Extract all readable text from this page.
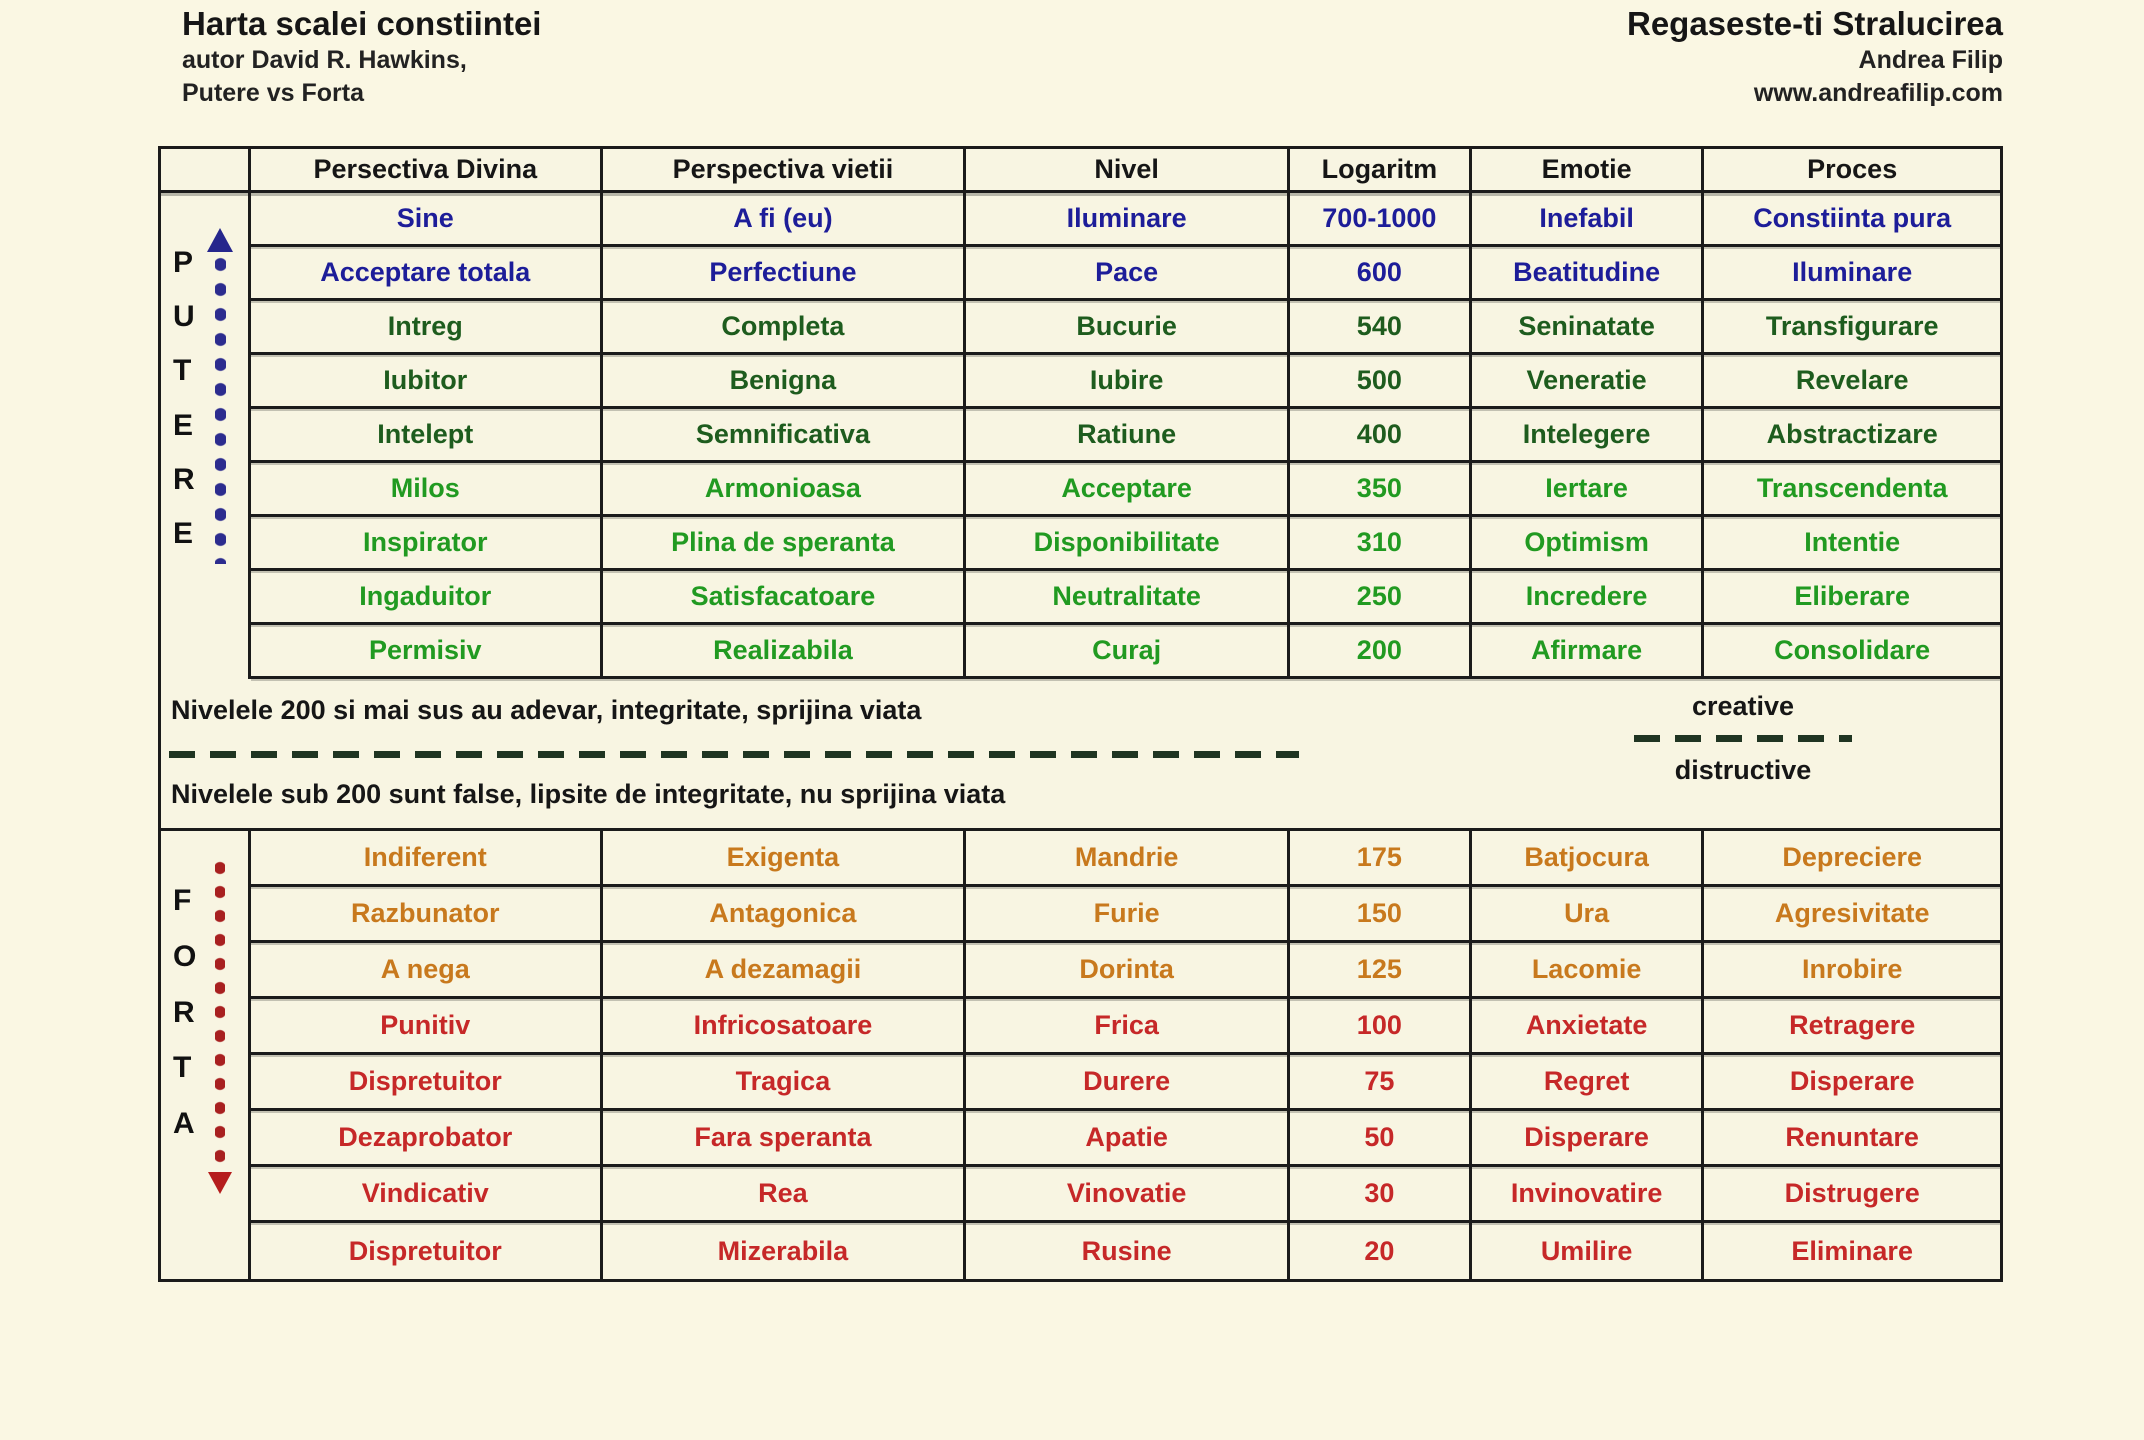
Harta scalei constiintei
autor David R. Hawkins,
Putere vs Forta
Regaseste-ti Stralucirea
Andrea Filip
www.andreafilip.com
P
U
T
E
R
E
Persectiva Divina	Perspectiva vietii	Nivel	Logaritm	Emotie	Proces
Sine	A fi (eu)	Iluminare	700-1000	Inefabil	Constiinta pura
Acceptare totala	Perfectiune	Pace	600	Beatitudine	Iluminare
Intreg	Completa	Bucurie	540	Seninatate	Transfigurare
Iubitor	Benigna	Iubire	500	Veneratie	Revelare
Intelept	Semnificativa	Ratiune	400	Intelegere	Abstractizare
Milos	Armonioasa	Acceptare	350	Iertare	Transcendenta
Inspirator	Plina de speranta	Disponibilitate	310	Optimism	Intentie
Ingaduitor	Satisfacatoare	Neutralitate	250	Incredere	Eliberare
Permisiv	Realizabila	Curaj	200	Afirmare	Consolidare
Nivelele 200 si mai sus au adevar, integritate, sprijina viata
Nivelele sub 200 sunt false, lipsite de integritate, nu sprijina viata
creative
distructive
F
O
R
T
A
Indiferent	Exigenta	Mandrie	175	Batjocura	Depreciere
Razbunator	Antagonica	Furie	150	Ura	Agresivitate
A nega	A dezamagii	Dorinta	125	Lacomie	Inrobire
Punitiv	Infricosatoare	Frica	100	Anxietate	Retragere
Dispretuitor	Tragica	Durere	75	Regret	Disperare
Dezaprobator	Fara speranta	Apatie	50	Disperare	Renuntare
Vindicativ	Rea	Vinovatie	30	Invinovatire	Distrugere
Dispretuitor	Mizerabila	Rusine	20	Umilire	Eliminare
